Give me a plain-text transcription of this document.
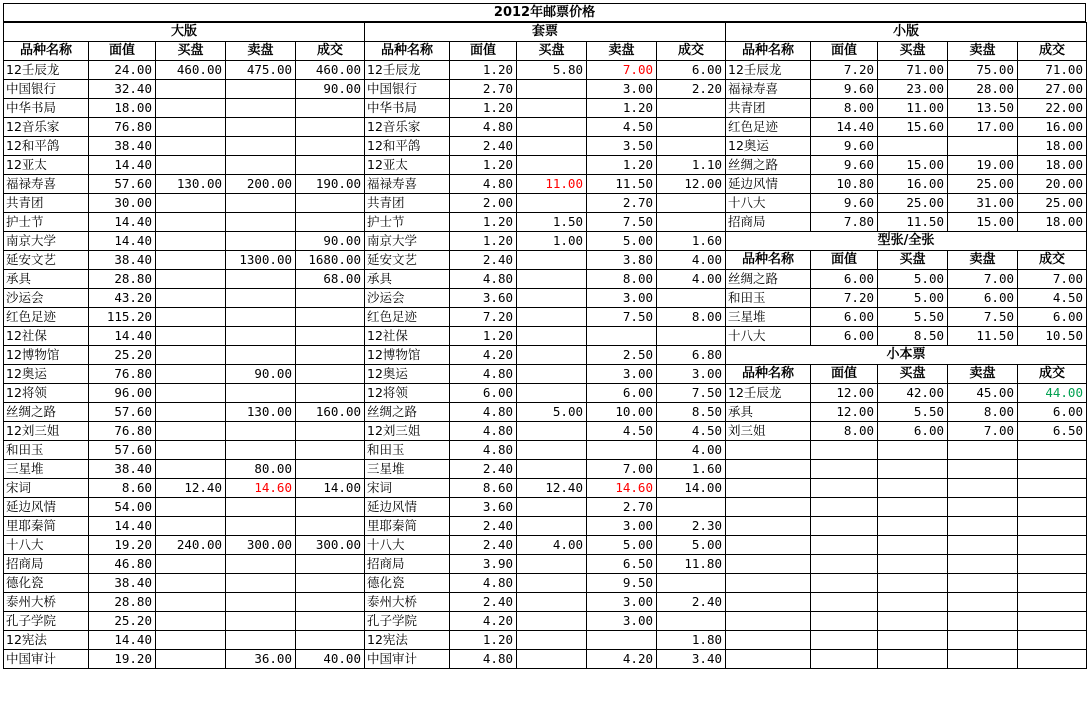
2012年邮票价格
大版				
品种名称	面值	买盘	卖盘	成交
12壬辰龙	24.00	460.00	475.00	460.00
中国银行	32.40			90.00
中华书局	18.00			
12音乐家	76.80			
12和平鸽	38.40			
12亚太	14.40			
福禄寿喜	57.60	130.00	200.00	190.00
共青团	30.00			
护士节	14.40			
南京大学	14.40			90.00
延安文艺	38.40		1300.00	1680.00
承具	28.80			68.00
沙运会	43.20			
红色足迹	115.20			
12社保	14.40			
12博物馆	25.20			
12奥运	76.80		90.00	
12将领	96.00			
丝绸之路	57.60		130.00	160.00
12刘三姐	76.80			
和田玉	57.60			
三星堆	38.40		80.00	
宋词	8.60	12.40	14.60	14.00
延边风情	54.00			
里耶秦简	14.40			
十八大	19.20	240.00	300.00	300.00
招商局	46.80			
德化瓷	38.40			
泰州大桥	28.80			
孔子学院	25.20			
12宪法	14.40			
中国审计	19.20		36.00	40.00
套票				
品种名称	面值	买盘	卖盘	成交
12壬辰龙	1.20	5.80	7.00	6.00
中国银行	2.70		3.00	2.20
中华书局	1.20		1.20	
12音乐家	4.80		4.50	
12和平鸽	2.40		3.50	
12亚太	1.20		1.20	1.10
福禄寿喜	4.80	11.00	11.50	12.00
共青团	2.00		2.70	
护士节	1.20	1.50	7.50	
南京大学	1.20	1.00	5.00	1.60
延安文艺	2.40		3.80	4.00
承具	4.80		8.00	4.00
沙运会	3.60		3.00	
红色足迹	7.20		7.50	8.00
12社保	1.20			
12博物馆	4.20		2.50	6.80
12奥运	4.80		3.00	3.00
12将领	6.00		6.00	7.50
丝绸之路	4.80	5.00	10.00	8.50
12刘三姐	4.80		4.50	4.50
和田玉	4.80			4.00
三星堆	2.40		7.00	1.60
宋词	8.60	12.40	14.60	14.00
延边风情	3.60		2.70	
里耶秦简	2.40		3.00	2.30
十八大	2.40	4.00	5.00	5.00
招商局	3.90		6.50	11.80
德化瓷	4.80		9.50	
泰州大桥	2.40		3.00	2.40
孔子学院	4.20		3.00	
12宪法	1.20			1.80
中国审计	4.80		4.20	3.40
小版				
品种名称	面值	买盘	卖盘	成交
12壬辰龙	7.20	71.00	75.00	71.00
福禄寿喜	9.60	23.00	28.00	27.00
共青团	8.00	11.00	13.50	22.00
红色足迹	14.40	15.60	17.00	16.00
12奥运	9.60			18.00
丝绸之路	9.60	15.00	19.00	18.00
延边风情	10.80	16.00	25.00	20.00
十八大	9.60	25.00	31.00	25.00
招商局	7.80	11.50	15.00	18.00
型张/全张				
品种名称	面值	买盘	卖盘	成交
丝绸之路	6.00	5.00	7.00	7.00
和田玉	7.20	5.00	6.00	4.50
三星堆	6.00	5.50	7.50	6.00
十八大	6.00	8.50	11.50	10.50
小本票				
品种名称	面值	买盘	卖盘	成交
12壬辰龙	12.00	42.00	45.00	44.00
承具	12.00	5.50	8.00	6.00
刘三姐	8.00	6.00	7.00	6.50
